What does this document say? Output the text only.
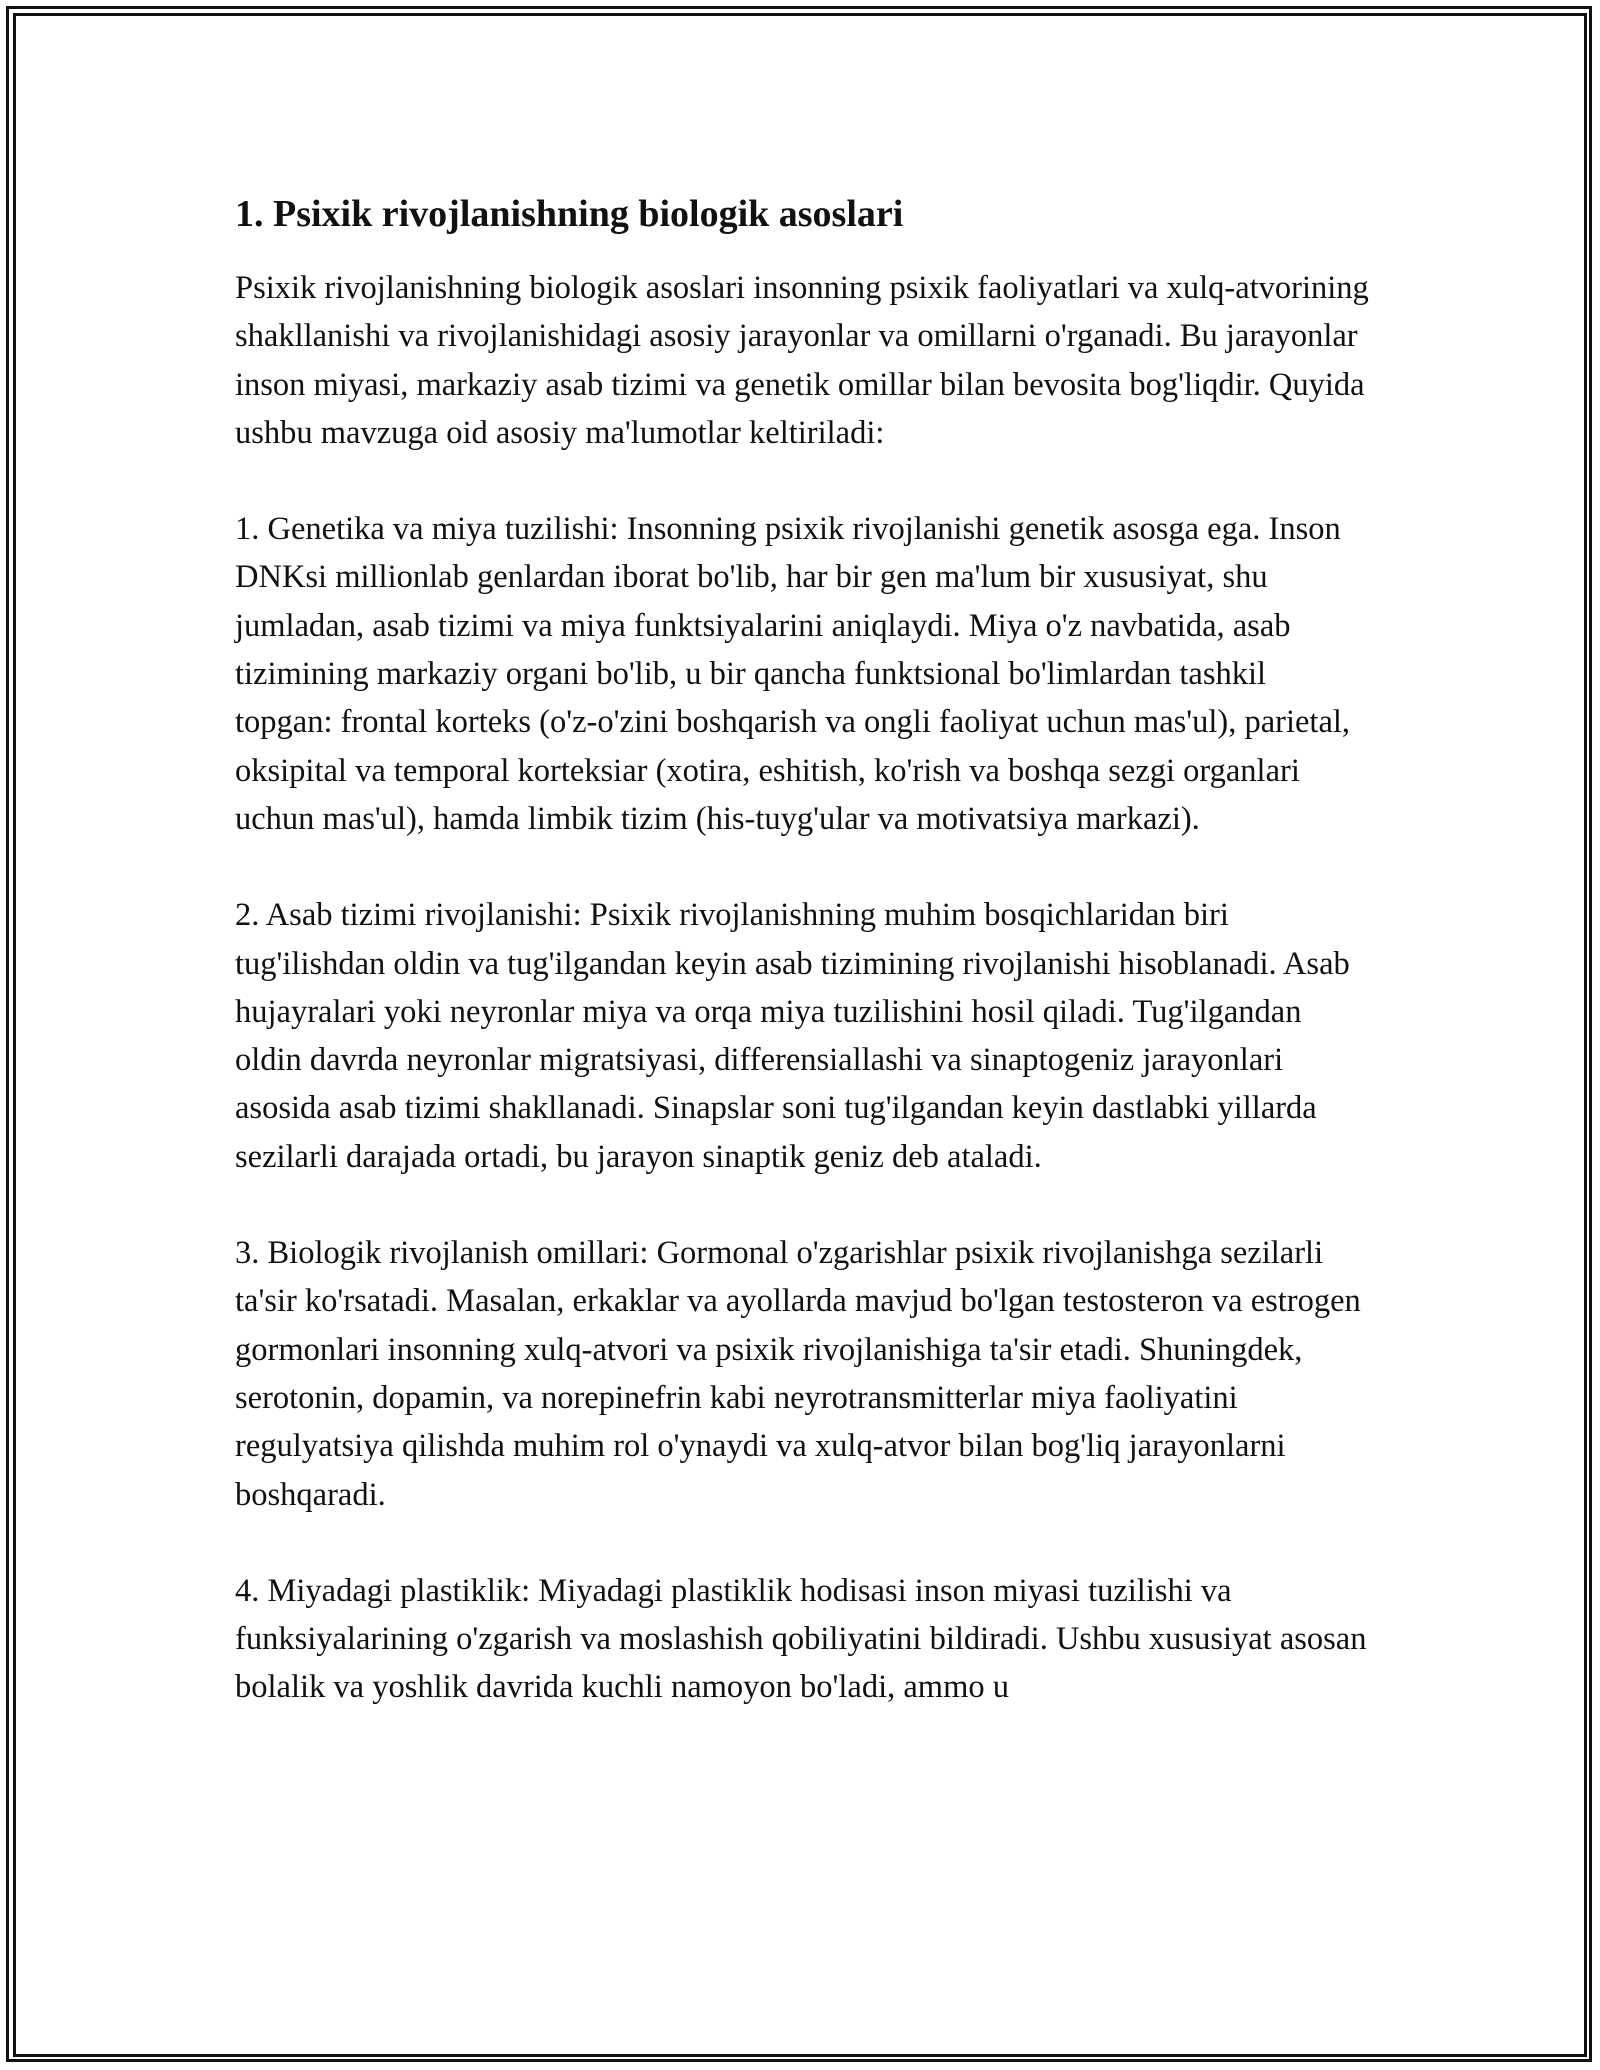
1. Psixik rivojlanishning biologik asoslari

Psixik rivojlanishning biologik asoslari insonning psixik faoliyatlari va xulq-atvorining shakllanishi va rivojlanishidagi asosiy jarayonlar va omillarni o'rganadi. Bu jarayonlar inson miyasi, markaziy asab tizimi va genetik omillar bilan bevosita bog'liqdir. Quyida ushbu mavzuga oid asosiy ma'lumotlar keltiriladi:

1. Genetika va miya tuzilishi: Insonning psixik rivojlanishi genetik asosga ega. Inson DNKsi millionlab genlardan iborat bo'lib, har bir gen ma'lum bir xususiyat, shu jumladan, asab tizimi va miya funktsiyalarini aniqlaydi. Miya o'z navbatida, asab tizimining markaziy organi bo'lib, u bir qancha funktsional bo'limlardan tashkil topgan: frontal korteks (o'z-o'zini boshqarish va ongli faoliyat uchun mas'ul), parietal, oksipital va temporal korteksiar (xotira, eshitish, ko'rish va boshqa sezgi organlari uchun mas'ul), hamda limbik tizim (his-tuyg'ular va motivatsiya markazi).

2. Asab tizimi rivojlanishi: Psixik rivojlanishning muhim bosqichlaridan biri tug'ilishdan oldin va tug'ilgandan keyin asab tizimining rivojlanishi hisoblanadi. Asab hujayralari yoki neyronlar miya va orqa miya tuzilishini hosil qiladi. Tug'ilgandan oldin davrda neyronlar migratsiyasi, differensiallashi va sinaptogeniz jarayonlari asosida asab tizimi shakllanadi. Sinapslar soni tug'ilgandan keyin dastlabki yillarda sezilarli darajada ortadi, bu jarayon sinaptik geniz deb ataladi.

3. Biologik rivojlanish omillari: Gormonal o'zgarishlar psixik rivojlanishga sezilarli ta'sir ko'rsatadi. Masalan, erkaklar va ayollarda mavjud bo'lgan testosteron va estrogen gormonlari insonning xulq-atvori va psixik rivojlanishiga ta'sir etadi. Shuningdek, serotonin, dopamin, va norepinefrin kabi neyrotransmitterlar miya faoliyatini regulyatsiya qilishda muhim rol o'ynaydi va xulq-atvor bilan bog'liq jarayonlarni boshqaradi.

4. Miyadagi plastiklik: Miyadagi plastiklik hodisasi inson miyasi tuzilishi va funksiyalarining o'zgarish va moslashish qobiliyatini bildiradi. Ushbu xususiyat asosan bolalik va yoshlik davrida kuchli namoyon bo'ladi, ammo u
